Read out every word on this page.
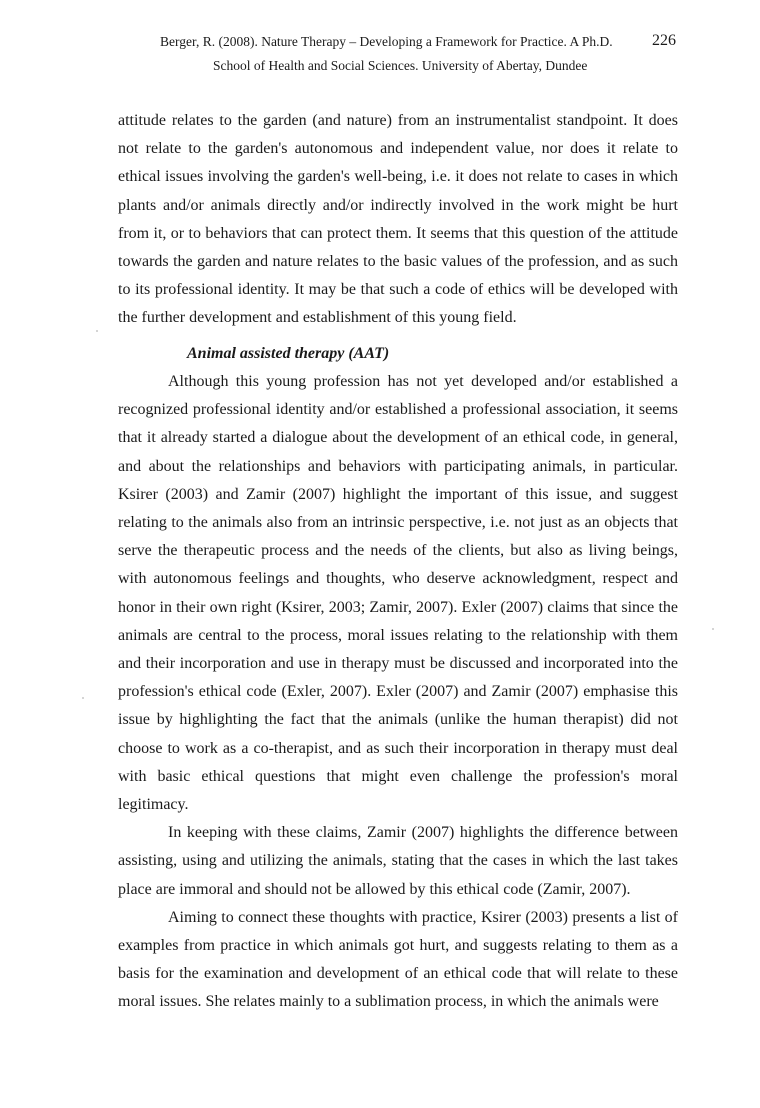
Berger, R. (2008). Nature Therapy – Developing a Framework for Practice. A Ph.D. 226
School of Health and Social Sciences. University of Abertay, Dundee

attitude relates to the garden (and nature) from an instrumentalist standpoint. It does not relate to the garden's autonomous and independent value, nor does it relate to ethical issues involving the garden's well-being, i.e. it does not relate to cases in which plants and/or animals directly and/or indirectly involved in the work might be hurt from it, or to behaviors that can protect them. It seems that this question of the attitude towards the garden and nature relates to the basic values of the profession, and as such to its professional identity. It may be that such a code of ethics will be developed with the further development and establishment of this young field.

Animal assisted therapy (AAT)

Although this young profession has not yet developed and/or established a recognized professional identity and/or established a professional association, it seems that it already started a dialogue about the development of an ethical code, in general, and about the relationships and behaviors with participating animals, in particular. Ksirer (2003) and Zamir (2007) highlight the important of this issue, and suggest relating to the animals also from an intrinsic perspective, i.e. not just as an objects that serve the therapeutic process and the needs of the clients, but also as living beings, with autonomous feelings and thoughts, who deserve acknowledgment, respect and honor in their own right (Ksirer, 2003; Zamir, 2007). Exler (2007) claims that since the animals are central to the process, moral issues relating to the relationship with them and their incorporation and use in therapy must be discussed and incorporated into the profession's ethical code (Exler, 2007). Exler (2007) and Zamir (2007) emphasise this issue by highlighting the fact that the animals (unlike the human therapist) did not choose to work as a co-therapist, and as such their incorporation in therapy must deal with basic ethical questions that might even challenge the profession's moral legitimacy.

In keeping with these claims, Zamir (2007) highlights the difference between assisting, using and utilizing the animals, stating that the cases in which the last takes place are immoral and should not be allowed by this ethical code (Zamir, 2007).

Aiming to connect these thoughts with practice, Ksirer (2003) presents a list of examples from practice in which animals got hurt, and suggests relating to them as a basis for the examination and development of an ethical code that will relate to these moral issues. She relates mainly to a sublimation process, in which the animals were
